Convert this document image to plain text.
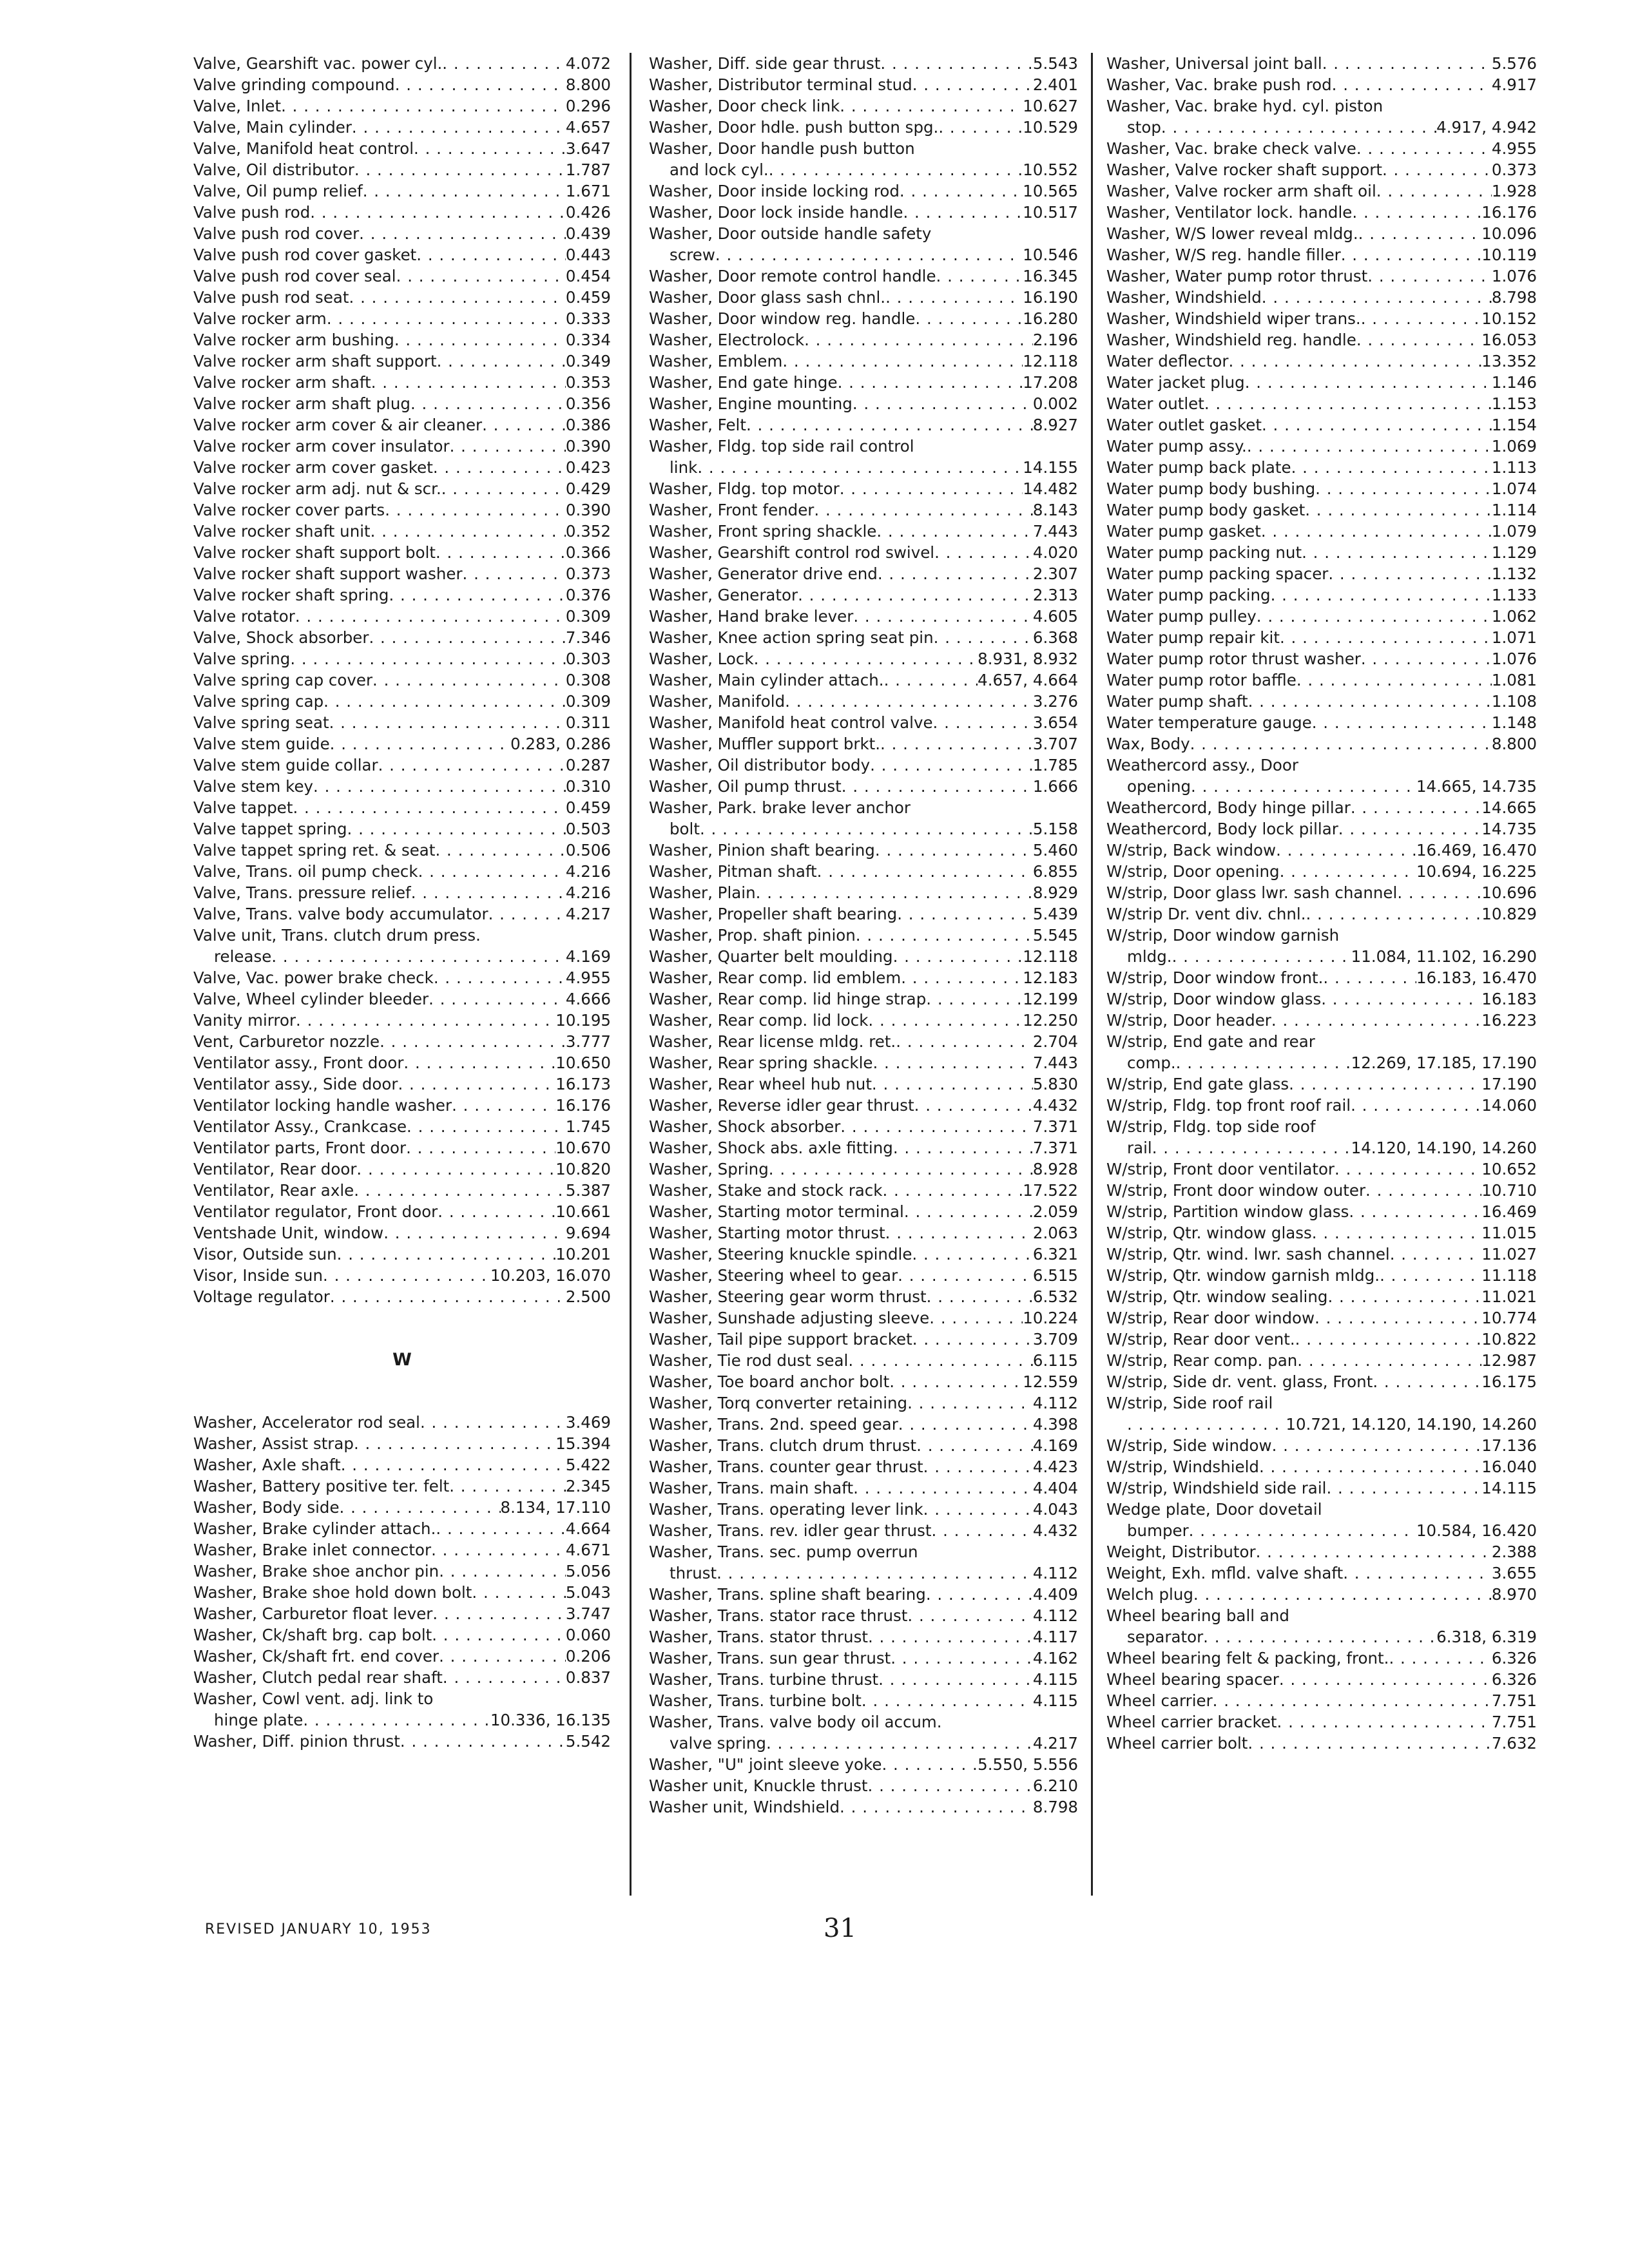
Valve, Gearshift vac. power cyl. . . .	4.072
Valve grinding compound . . .	8.800
Valve, Inlet . . .	0.296
Valve, Main cylinder . . .	4.657
Valve, Manifold heat control . . .	3.647
Valve, Oil distributor . . .	1.787
Valve, Oil pump relief . . .	1.671
Valve push rod . . .	0.426
Valve push rod cover . . .	0.439
Valve push rod cover gasket . . .	0.443
Valve push rod cover seal . . .	0.454
Valve push rod seat . . .	0.459
Valve rocker arm . . .	0.333
Valve rocker arm bushing . . .	0.334
Valve rocker arm shaft support . . .	0.349
Valve rocker arm shaft . . .	0.353
Valve rocker arm shaft plug . . .	0.356
Valve rocker arm cover & air cleaner . . .	0.386
Valve rocker arm cover insulator . . .	0.390
Valve rocker arm cover gasket . . .	0.423
Valve rocker arm adj. nut & scr. . . .	0.429
Valve rocker cover parts . . .	0.390
Valve rocker shaft unit . . .	0.352
Valve rocker shaft support bolt . . .	0.366
Valve rocker shaft support washer . . .	0.373
Valve rocker shaft spring . . .	0.376
Valve rotator . . .	0.309
Valve, Shock absorber . . .	7.346
Valve spring . . .	0.303
Valve spring cap cover . . .	0.308
Valve spring cap . . .	0.309
Valve spring seat . . .	0.311
Valve stem guide . . .	0.283, 0.286
Valve stem guide collar . . .	0.287
Valve stem key . . .	0.310
Valve tappet . . .	0.459
Valve tappet spring . . .	0.503
Valve tappet spring ret. & seat . . .	0.506
Valve, Trans. oil pump check . . .	4.216
Valve, Trans. pressure relief . . .	4.216
Valve, Trans. valve body accumulator . . .	4.217
Valve unit, Trans. clutch drum press.
release . . .	4.169
Valve, Vac. power brake check . . .	4.955
Valve, Wheel cylinder bleeder . . .	4.666
Vanity mirror . . .	10.195
Vent, Carburetor nozzle . . .	3.777
Ventilator assy., Front door . . .	10.650
Ventilator assy., Side door . . .	16.173
Ventilator locking handle washer . . .	16.176
Ventilator Assy., Crankcase . . .	1.745
Ventilator parts, Front door . . .	10.670
Ventilator, Rear door . . .	10.820
Ventilator, Rear axle . . .	5.387
Ventilator regulator, Front door . . .	10.661
Ventshade Unit, window . . .	9.694
Visor, Outside sun . . .	10.201
Visor, Inside sun . . .	10.203, 16.070
Voltage regulator . . .	2.500
W
Washer, Accelerator rod seal . . .	3.469
Washer, Assist strap . . .	15.394
Washer, Axle shaft . . .	5.422
Washer, Battery positive ter. felt . . .	2.345
Washer, Body side . . .	8.134, 17.110
Washer, Brake cylinder attach. . . .	4.664
Washer, Brake inlet connector . . .	4.671
Washer, Brake shoe anchor pin . . .	5.056
Washer, Brake shoe hold down bolt . . .	5.043
Washer, Carburetor float lever . . .	3.747
Washer, Ck/shaft brg. cap bolt . . .	0.060
Washer, Ck/shaft frt. end cover . . .	0.206
Washer, Clutch pedal rear shaft . . .	0.837
Washer, Cowl vent. adj. link to
hinge plate . . .	10.336, 16.135
Washer, Diff. pinion thrust . . .	5.542
Washer, Diff. side gear thrust . . .	5.543
Washer, Distributor terminal stud . . .	2.401
Washer, Door check link . . .	10.627
Washer, Door hdle. push button spg. . . .	10.529
Washer, Door handle push button
and lock cyl. . . .	10.552
Washer, Door inside locking rod . . .	10.565
Washer, Door lock inside handle . . .	10.517
Washer, Door outside handle safety
screw . . .	10.546
Washer, Door remote control handle . . .	16.345
Washer, Door glass sash chnl. . . .	16.190
Washer, Door window reg. handle . . .	16.280
Washer, Electrolock . . .	2.196
Washer, Emblem . . .	12.118
Washer, End gate hinge . . .	17.208
Washer, Engine mounting . . .	0.002
Washer, Felt . . .	8.927
Washer, Fldg. top side rail control
link . . .	14.155
Washer, Fldg. top motor . . .	14.482
Washer, Front fender . . .	8.143
Washer, Front spring shackle . . .	7.443
Washer, Gearshift control rod swivel . . .	4.020
Washer, Generator drive end . . .	2.307
Washer, Generator . . .	2.313
Washer, Hand brake lever . . .	4.605
Washer, Knee action spring seat pin . . .	6.368
Washer, Lock . . .	8.931, 8.932
Washer, Main cylinder attach. . . .	4.657, 4.664
Washer, Manifold . . .	3.276
Washer, Manifold heat control valve . . .	3.654
Washer, Muffler support brkt. . . .	3.707
Washer, Oil distributor body . . .	1.785
Washer, Oil pump thrust . . .	1.666
Washer, Park. brake lever anchor
bolt . . .	5.158
Washer, Pinion shaft bearing . . .	5.460
Washer, Pitman shaft . . .	6.855
Washer, Plain . . .	8.929
Washer, Propeller shaft bearing . . .	5.439
Washer, Prop. shaft pinion . . .	5.545
Washer, Quarter belt moulding . . .	12.118
Washer, Rear comp. lid emblem . . .	12.183
Washer, Rear comp. lid hinge strap . . .	12.199
Washer, Rear comp. lid lock . . .	12.250
Washer, Rear license mldg. ret. . . .	2.704
Washer, Rear spring shackle . . .	7.443
Washer, Rear wheel hub nut . . .	5.830
Washer, Reverse idler gear thrust . . .	4.432
Washer, Shock absorber . . .	7.371
Washer, Shock abs. axle fitting . . .	7.371
Washer, Spring . . .	8.928
Washer, Stake and stock rack . . .	17.522
Washer, Starting motor terminal . . .	2.059
Washer, Starting motor thrust . . .	2.063
Washer, Steering knuckle spindle . . .	6.321
Washer, Steering wheel to gear . . .	6.515
Washer, Steering gear worm thrust . . .	6.532
Washer, Sunshade adjusting sleeve . . .	10.224
Washer, Tail pipe support bracket . . .	3.709
Washer, Tie rod dust seal . . .	6.115
Washer, Toe board anchor bolt . . .	12.559
Washer, Torq converter retaining . . .	4.112
Washer, Trans. 2nd. speed gear . . .	4.398
Washer, Trans. clutch drum thrust . . .	4.169
Washer, Trans. counter gear thrust . . .	4.423
Washer, Trans. main shaft . . .	4.404
Washer, Trans. operating lever link . . .	4.043
Washer, Trans. rev. idler gear thrust . . .	4.432
Washer, Trans. sec. pump overrun
thrust . . .	4.112
Washer, Trans. spline shaft bearing . . .	4.409
Washer, Trans. stator race thrust . . .	4.112
Washer, Trans. stator thrust . . .	4.117
Washer, Trans. sun gear thrust . . .	4.162
Washer, Trans. turbine thrust . . .	4.115
Washer, Trans. turbine bolt . . .	4.115
Washer, Trans. valve body oil accum.
valve spring . . .	4.217
Washer, "U" joint sleeve yoke . . .	5.550, 5.556
Washer unit, Knuckle thrust . . .	6.210
Washer unit, Windshield . . .	8.798
Washer, Universal joint ball . . .	5.576
Washer, Vac. brake push rod . . .	4.917
Washer, Vac. brake hyd. cyl. piston
stop . . .	4.917, 4.942
Washer, Vac. brake check valve . . .	4.955
Washer, Valve rocker shaft support . . .	0.373
Washer, Valve rocker arm shaft oil . . .	1.928
Washer, Ventilator lock. handle . . .	16.176
Washer, W/S lower reveal mldg. . . .	10.096
Washer, W/S reg. handle filler . . .	10.119
Washer, Water pump rotor thrust . . .	1.076
Washer, Windshield . . .	8.798
Washer, Windshield wiper trans. . . .	10.152
Washer, Windshield reg. handle . . .	16.053
Water deflector . . .	13.352
Water jacket plug . . .	1.146
Water outlet . . .	1.153
Water outlet gasket . . .	1.154
Water pump assy. . . .	1.069
Water pump back plate . . .	1.113
Water pump body bushing . . .	1.074
Water pump body gasket . . .	1.114
Water pump gasket . . .	1.079
Water pump packing nut . . .	1.129
Water pump packing spacer . . .	1.132
Water pump packing . . .	1.133
Water pump pulley . . .	1.062
Water pump repair kit . . .	1.071
Water pump rotor thrust washer . . .	1.076
Water pump rotor baffle . . .	1.081
Water pump shaft . . .	1.108
Water temperature gauge . . .	1.148
Wax, Body . . .	8.800
Weathercord assy., Door
opening . . .	14.665, 14.735
Weathercord, Body hinge pillar . . .	14.665
Weathercord, Body lock pillar . . .	14.735
W/strip, Back window . . .	16.469, 16.470
W/strip, Door opening . . .	10.694, 16.225
W/strip, Door glass lwr. sash channel . . .	10.696
W/strip Dr. vent div. chnl. . . .	10.829
W/strip, Door window garnish
mldg. . . .	11.084, 11.102, 16.290
W/strip, Door window front. . . .	16.183, 16.470
W/strip, Door window glass . . .	16.183
W/strip, Door header . . .	16.223
W/strip, End gate and rear
comp. . . .	12.269, 17.185, 17.190
W/strip, End gate glass . . .	17.190
W/strip, Fldg. top front roof rail . . .	14.060
W/strip, Fldg. top side roof
rail . . .	14.120, 14.190, 14.260
W/strip, Front door ventilator . . .	10.652
W/strip, Front door window outer . . .	10.710
W/strip, Partition window glass . . .	16.469
W/strip, Qtr. window glass . . .	11.015
W/strip, Qtr. wind. lwr. sash channel . . .	11.027
W/strip, Qtr. window garnish mldg. . . .	11.118
W/strip, Qtr. window sealing . . .	11.021
W/strip, Rear door window . . .	10.774
W/strip, Rear door vent. . . .	10.822
W/strip, Rear comp. pan . . .	12.987
W/strip, Side dr. vent. glass, Front . . .	16.175
W/strip, Side roof rail
. . .
10.721, 14.120, 14.190, 14.260
W/strip, Side window . . .	17.136
W/strip, Windshield . . .	16.040
W/strip, Windshield side rail . . .	14.115
Wedge plate, Door dovetail
bumper . . .	10.584, 16.420
Weight, Distributor . . .	2.388
Weight, Exh. mfld. valve shaft . . .	3.655
Welch plug . . .	8.970
Wheel bearing ball and
separator . . .	6.318, 6.319
Wheel bearing felt & packing, front. . . .	6.326
Wheel bearing spacer . . .	6.326
Wheel carrier . . .	7.751
Wheel carrier bracket . . .	7.751
Wheel carrier bolt . . .	7.632
REVISED JANUARY 10, 1953	31
